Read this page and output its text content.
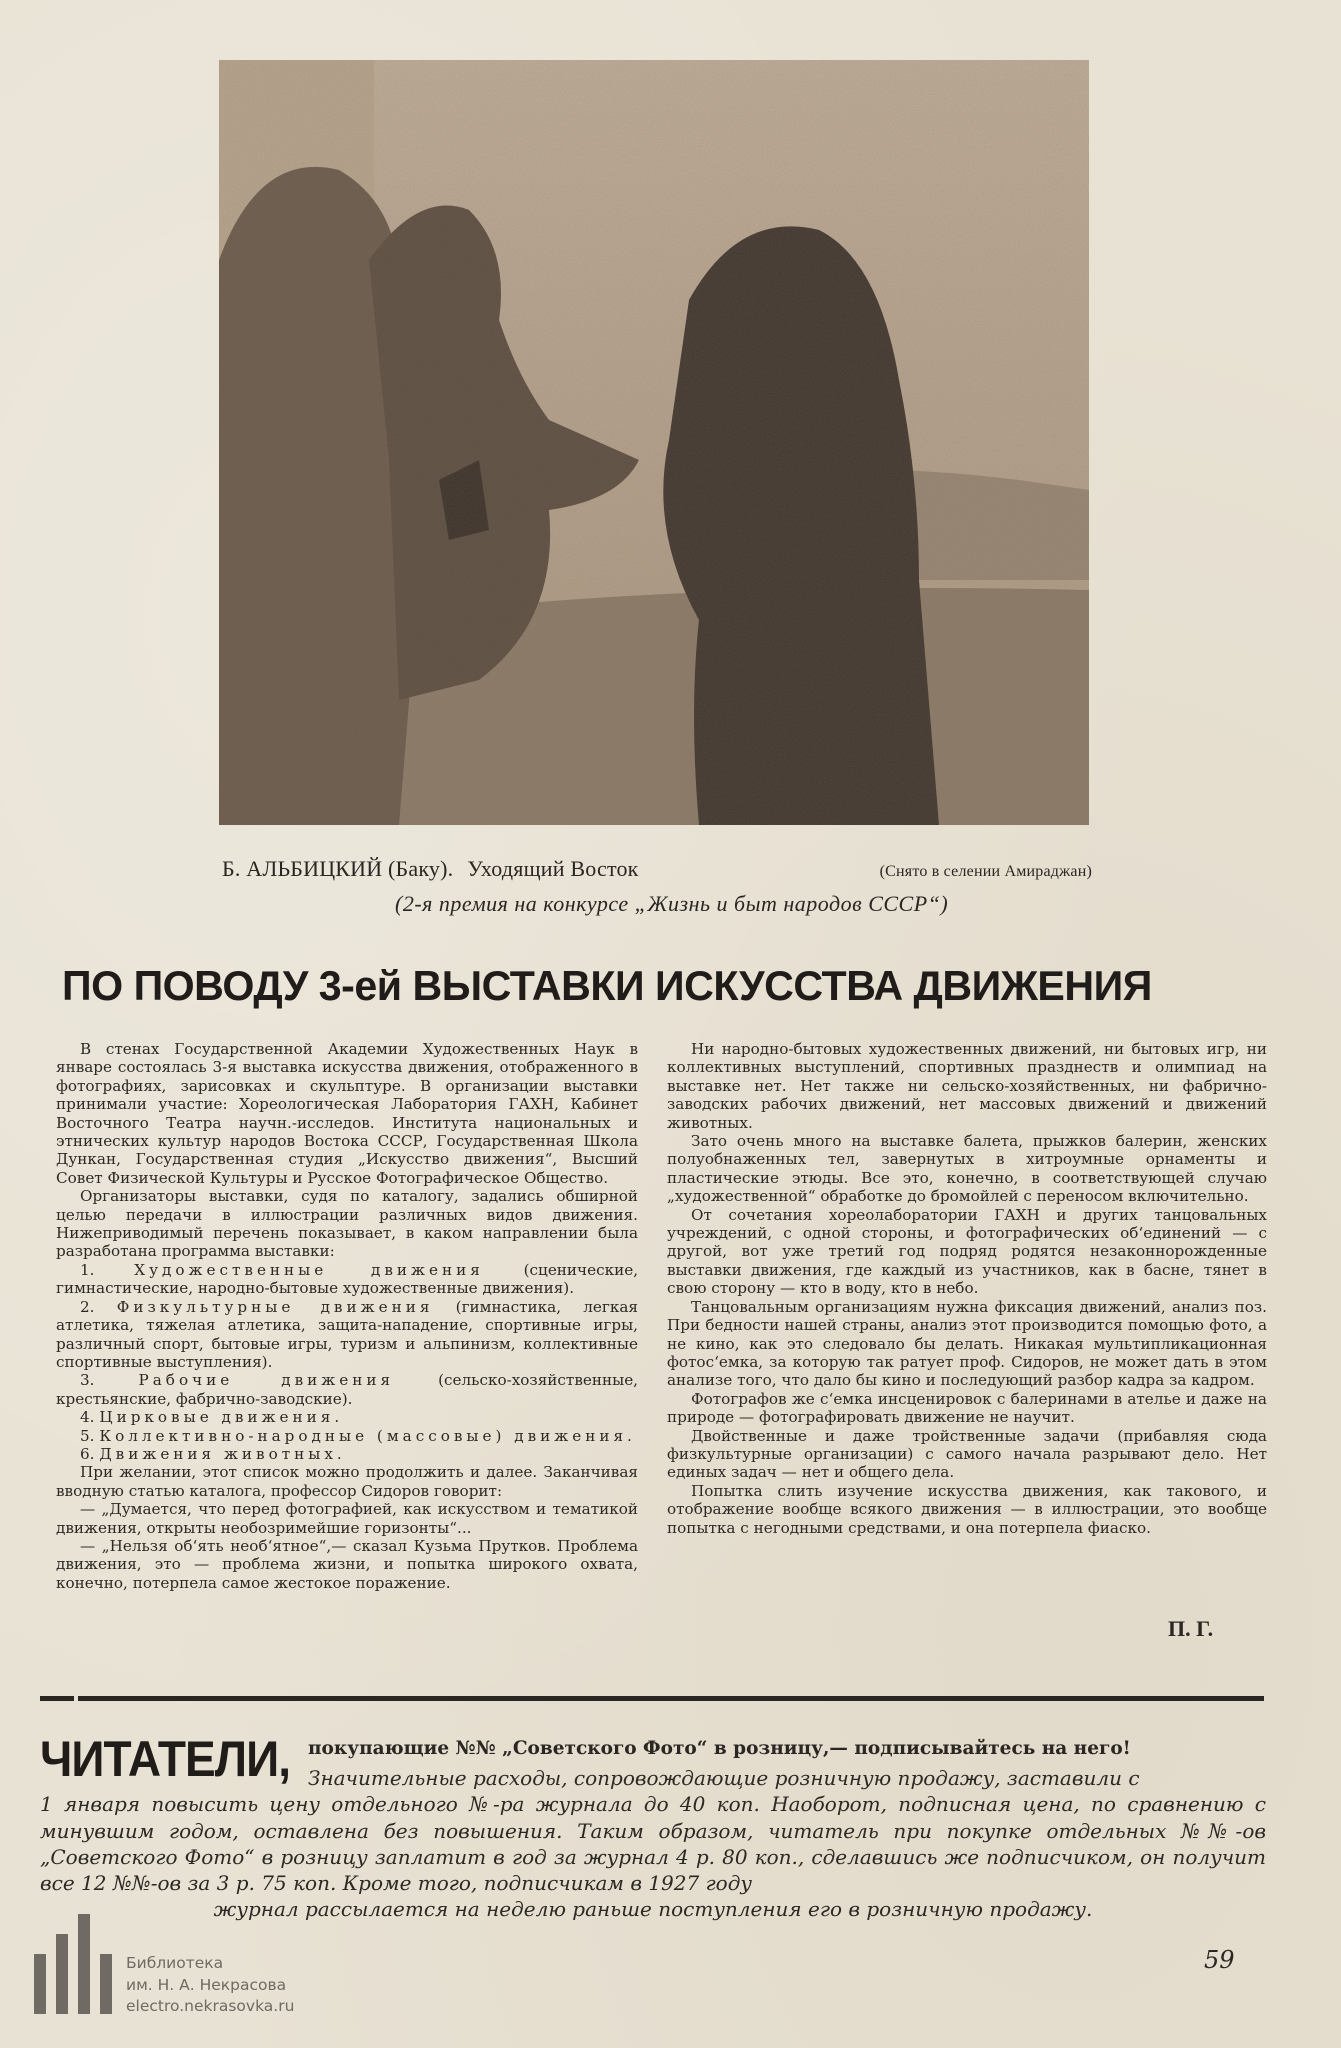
Б. АЛЬБИЦКИЙ (Баку). Уходящий Восток	(Снято в селении Амираджан)
(2-я премия на конкурсе „Жизнь и быт народов СССР“)
ПО ПОВОДУ 3-ей ВЫСТАВКИ ИСКУССТВА ДВИЖЕНИЯ

В стенах Государственной Академии Художественных Наук в январе состоялась 3-я выставка искусства движения, отображенного в фотографиях, зарисовках и скульптуре. В организации выставки принимали участие: Хореологическая Лаборатория ГАХН, Кабинет Восточного Театра научн.-исследов. Института национальных и этнических культур народов Востока СССР, Государственная Школа Дункан, Государственная студия „Искусство движения“, Высший Совет Физической Культуры и Русское Фотографическое Общество.

Организаторы выставки, судя по каталогу, задались обширной целью передачи в иллюстрации различных видов движения. Нижеприводимый перечень показывает, в каком направлении была разработана программа выставки:

1.	Художественные движения	(сценические, гимнастические, народно-бытовые художественные движения).

2. Физкультурные движения (гимнастика, легкая атлетика, тяжелая атлетика, защита-нападение, спортивные игры, различный спорт, бытовые игры, туризм и альпинизм, коллективные спортивные выступления).

3.	Рабочие движения	(сельско-хозяйственные, крестьянские, фабрично-заводские).

4. Цирковые движения.

5. Коллективно-народные (массовые) движения.

6. Движения животных.

При желании, этот список можно продолжить и далее. Заканчивая вводную статью каталога, профессор Сидоров говорит:

— „Думается, что перед фотографией, как искусством и тематикой движения, открыты необозримейшие горизонты“...

— „Нельзя об‘ять необ‘ятное“,— сказал Кузьма Прутков. Проблема движения, это — проблема жизни, и попытка широкого охвата, конечно, потерпела самое жестокое поражение.

Ни народно-бытовых художественных движений, ни бытовых игр, ни коллективных выступлений, спортивных празднеств и олимпиад на выставке нет. Нет также ни сельско-хозяйственных, ни фабрично-заводских рабочих движений, нет массовых движений и движений животных.

Зато очень много на выставке балета, прыжков балерин, женских полуобнаженных тел, завернутых в хитроумные орнаменты и пластические этюды. Все это, конечно, в соответствующей случаю „художественной“ обработке до бромойлей с переносом включительно.

От сочетания хореолаборатории ГАХН и других танцовальных учреждений, с одной стороны, и фотографических об‘единений — с другой, вот уже третий год подряд родятся незаконнорожденные выставки движения, где каждый из участников, как в басне, тянет в свою сторону — кто в воду, кто в небо.

Танцовальным организациям нужна фиксация движений, анализ поз. При бедности нашей страны, анализ этот производится помощью фото, а не кино, как это следовало бы делать. Никакая мультипликационная фотос‘емка, за которую так ратует проф. Сидоров, не может дать в этом анализе того, что дало бы кино и последующий разбор кадра за кадром.

Фотографов же с‘емка инсценировок с балеринами в ателье и даже на природе — фотографировать движение не научит.

Двойственные и даже тройственные задачи (прибавляя сюда физкультурные организации) с самого начала разрывают дело. Нет единых задач — нет и общего дела.

Попытка слить изучение искусства движения, как такового, и отображение вообще всякого движения — в иллюстрации, это вообще попытка с негодными средствами, и она потерпела фиаско.

П. Г.
ЧИТАТЕЛИ, покупающие №№ „Советского Фото“ в розницу,— подписывайтесь на него!
Значительные расходы, сопровождающие розничную продажу, заставили с
1 января повысить цену отдельного №-ра журнала до 40 коп. Наоборот, подписная цена, по сравнению с минувшим годом, оставлена без повышения. Таким образом, читатель при покупке отдельных №№-ов „Советского Фото“ в розницу заплатит в год за журнал 4 р. 80 коп., сделавшись же подписчиком, он получит все 12 №№-ов за 3 р. 75 коп. Кроме того, подписчикам в 1927 году
журнал рассылается на неделю раньше поступления его в розничную продажу.
Библиотека
им. Н. А. Некрасова
electro.nekrasovka.ru
59
